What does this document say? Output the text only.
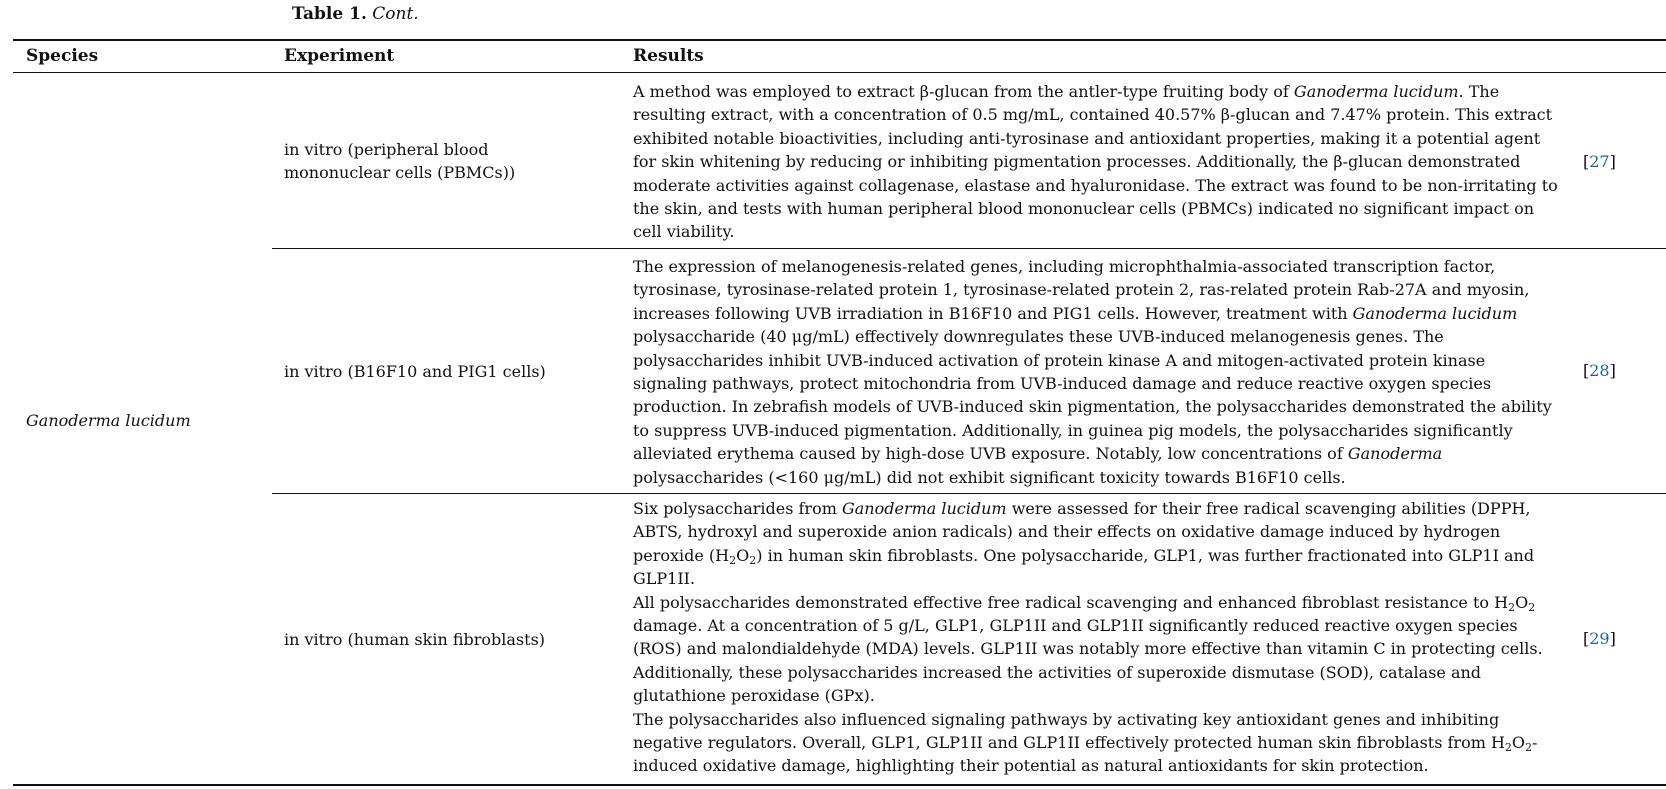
Table 1. Cont.
Species	Experiment	Results
Ganoderma lucidum
in vitro (peripheral blood mononuclear cells (PBMCs))

A method was employed to extract β-glucan from the antler-type fruiting body of Ganoderma lucidum. The resulting extract, with a concentration of 0.5 mg/mL, contained 40.57% β-glucan and 7.47% protein. This extract exhibited notable bioactivities, including anti-tyrosinase and antioxidant properties, making it a potential agent for skin whitening by reducing or inhibiting pigmentation processes. Additionally, the β-glucan demonstrated moderate activities against collagenase, elastase and hyaluronidase. The extract was found to be non-irritating to the skin, and tests with human peripheral blood mononuclear cells (PBMCs) indicated no significant impact on cell viability.

[27]
in vitro (B16F10 and PIG1 cells)

The expression of melanogenesis-related genes, including microphthalmia-associated transcription factor, tyrosinase, tyrosinase-related protein 1, tyrosinase-related protein 2, ras-related protein Rab-27A and myosin, increases following UVB irradiation in B16F10 and PIG1 cells. However, treatment with Ganoderma lucidum polysaccharide (40 μg/mL) effectively downregulates these UVB-induced melanogenesis genes. The polysaccharides inhibit UVB-induced activation of protein kinase A and mitogen-activated protein kinase signaling pathways, protect mitochondria from UVB-induced damage and reduce reactive oxygen species production. In zebrafish models of UVB-induced skin pigmentation, the polysaccharides demonstrated the ability to suppress UVB-induced pigmentation. Additionally, in guinea pig models, the polysaccharides significantly alleviated erythema caused by high-dose UVB exposure. Notably, low concentrations of Ganoderma polysaccharides (<160 μg/mL) did not exhibit significant toxicity towards B16F10 cells.

[28]
in vitro (human skin fibroblasts)

Six polysaccharides from Ganoderma lucidum were assessed for their free radical scavenging abilities (DPPH, ABTS, hydroxyl and superoxide anion radicals) and their effects on oxidative damage induced by hydrogen peroxide $(H_2O_2)$ in human skin fibroblasts. One polysaccharide, GLP1, was further fractionated into GLP1I and GLP1II.

All polysaccharides demonstrated effective free radical scavenging and enhanced fibroblast resistance to $H_2O_2$ damage. At a concentration of 5 g/L, GLP1, GLP1II and GLP1II significantly reduced reactive oxygen species (ROS) and malondialdehyde (MDA) levels. GLP1II was notably more effective than vitamin C in protecting cells. Additionally, these polysaccharides increased the activities of superoxide dismutase (SOD), catalase and glutathione peroxidase (GPx).

The polysaccharides also influenced signaling pathways by activating key antioxidant genes and inhibiting negative regulators. Overall, GLP1, GLP1II and GLP1II effectively protected human skin fibroblasts from $H_2O_2$-induced oxidative damage, highlighting their potential as natural antioxidants for skin protection.

[29]
